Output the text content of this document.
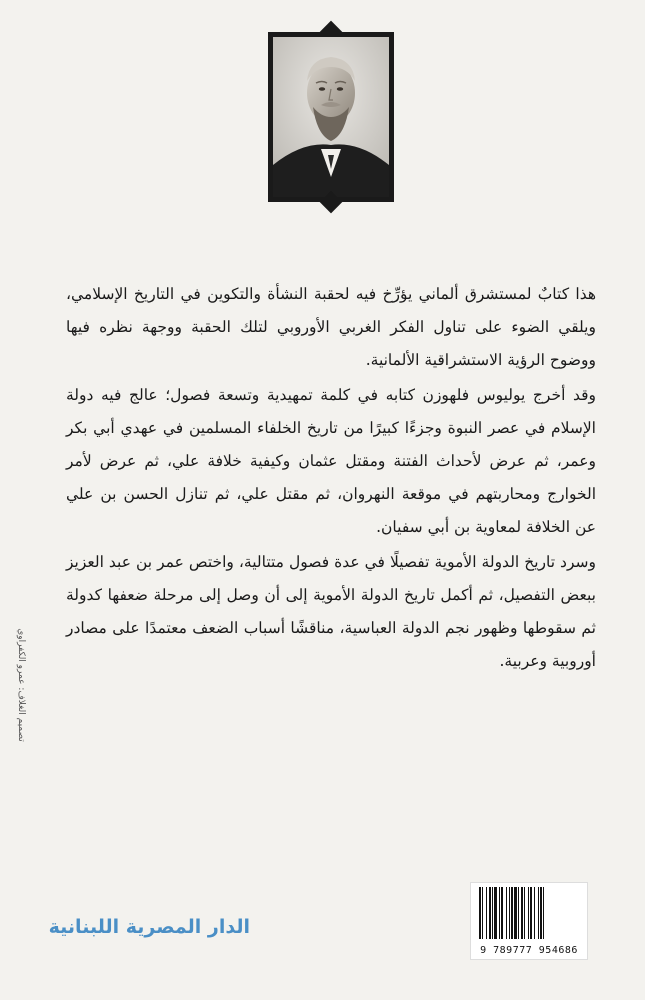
هذا كتابٌ لمستشرق ألماني يؤرِّخ فيه لحقبة النشأة والتكوين في التاريخ الإسلامي، ويلقي الضوء على تناول الفكر الغربي الأوروبي لتلك الحقبة ووجهة نظره فيها ووضوح الرؤية الاستشراقية الألمانية.

وقد أخرج يوليوس فلهوزن كتابه في كلمة تمهيدية وتسعة فصول؛ عالج فيه دولة الإسلام في عصر النبوة وجزءًا كبيرًا من تاريخ الخلفاء المسلمين في عهدي أبي بكر وعمر، ثم عرض لأحداث الفتنة ومقتل عثمان وكيفية خلافة علي، ثم عرض لأمر الخوارج ومحاربتهم في موقعة النهروان، ثم مقتل علي، ثم تنازل الحسن بن علي عن الخلافة لمعاوية بن أبي سفيان.

وسرد تاريخ الدولة الأموية تفصيلًا في عدة فصول متتالية، واختص عمر بن عبد العزيز ببعض التفصيل، ثم أكمل تاريخ الدولة الأموية إلى أن وصل إلى مرحلة ضعفها كدولة ثم سقوطها وظهور نجم الدولة العباسية، مناقشًا أسباب الضعف معتمدًا على مصادر أوروبية وعربية.

تصميم الغلاف: عمرو الكفراوي
الدار المصرية اللبنانية
9 789777 954686
